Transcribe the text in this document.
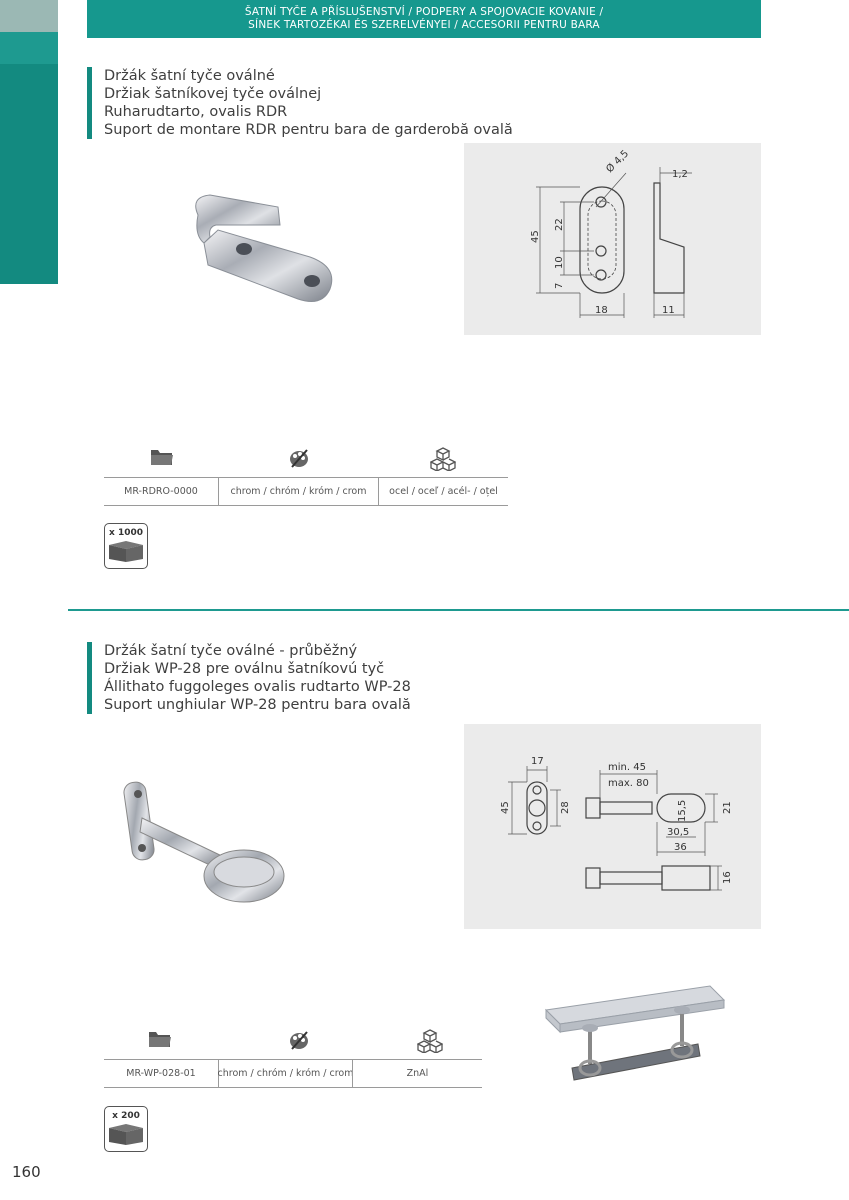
ŠATNÍ TYČE A PŘÍSLUŠENSTVÍ / PODPERY A SPOJOVACIE KOVANIE /
SÍNEK TARTOZÉKAI ÉS SZERELVÉNYEI / ACCESORII PENTRU BARA
Držák šatní tyče oválné
Držiak šatníkovej tyče oválnej
Ruharudtarto, ovalis RDR
Suport de montare RDR pentru bara de garderobă ovală
Ø 4,5	1,2
45
22
10
7
18	11
MR-RDRO-0000	chrom / chróm / króm / crom	ocel / oceľ / acél- / oțel
x 1000
Držák šatní tyče oválné - průběžný
Držiak WP-28 pre oválnu šatníkovú tyč
Állithato fuggoleges ovalis rudtarto WP-28
Suport unghiular WP-28 pentru bara ovală
17
45	28
min. 45
max. 80
15,5	21
30,5
36
16
MR-WP-028-01	chrom / chróm / króm / crom	ZnAl
x 200
160
